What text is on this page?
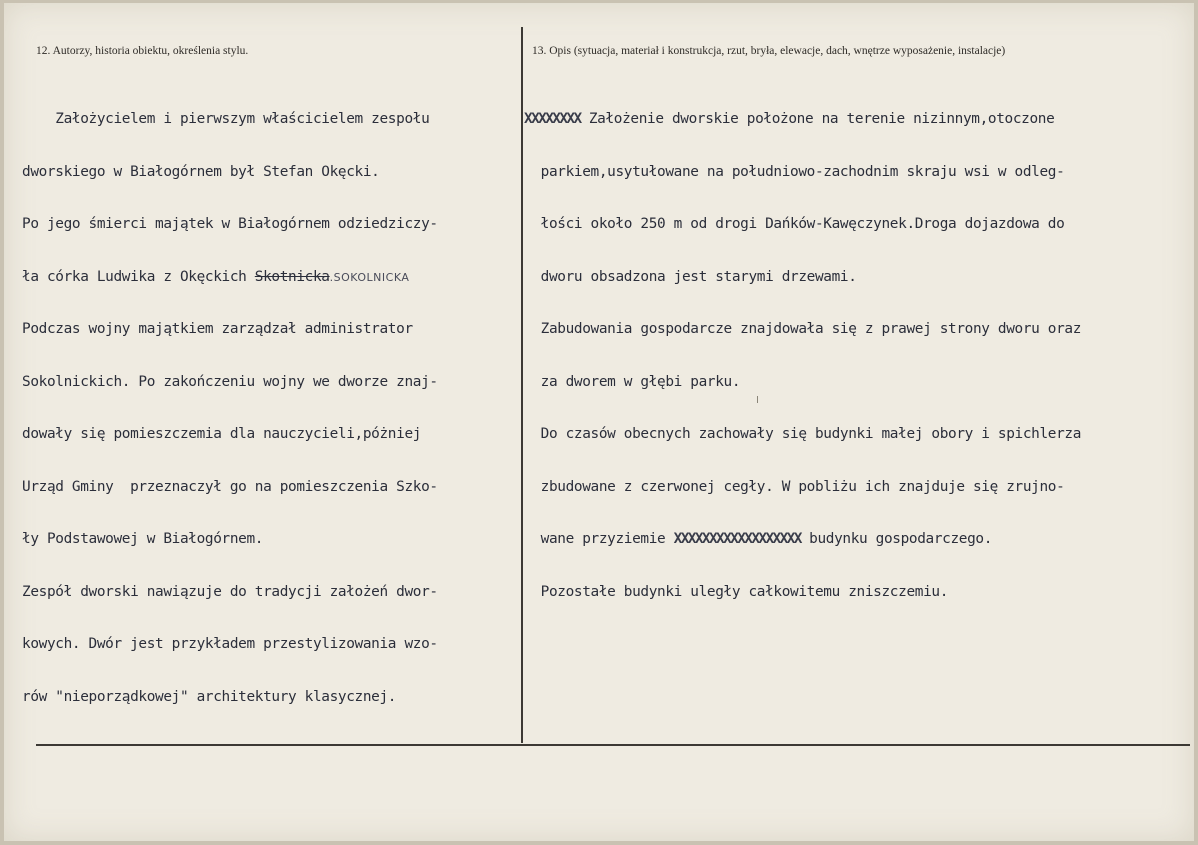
12. Autorzy, historia obiektu, określenia stylu.	13. Opis (sytuacja, materiał i konstrukcja, rzut, bryła, elewacje, dach, wnętrze wyposażenie, instalacje)

Założycielem i pierwszym właścicielem zespołu

dworskiego w Białogórnem był Stefan Okęcki.

Po jego śmierci majątek w Białogórnem odziedziczy-

ła córka Ludwika z Okęckich Skotnicka.SOKOLNICKA

Podczas wojny majątkiem zarządzał administrator

Sokolnickich. Po zakończeniu wojny we dworze znaj-

dowały się pomieszczemia dla nauczycieli,póżniej

Urząd Gminy  przeznaczył go na pomieszczenia Szko-

ły Podstawowej w Białogórnem.

Zespół dworski nawiązuje do tradycji założeń dwor-

kowych. Dwór jest przykładem przestylizowania wzo-

rów "nieporządkowej" architektury klasycznej.

XXXXXXXX Założenie dworskie położone na terenie nizinnym,otoczone

parkiem,usytułowane na południowo-zachodnim skraju wsi w odleg-

łości około 250 m od drogi Dańków-Kawęczynek.Droga dojazdowa do

dworu obsadzona jest starymi drzewami.

Zabudowania gospodarcze znajdowała się z prawej strony dworu oraz

za dworem w głębi parku.

Do czasów obecnych zachowały się budynki małej obory i spichlerza

zbudowane z czerwonej cegły. W pobliżu ich znajduje się zrujno-

wane przyziemie XXXXXXXXXXXXXXXXXX budynku gospodarczego.

Pozostałe budynki uległy całkowitemu zniszczemiu.
